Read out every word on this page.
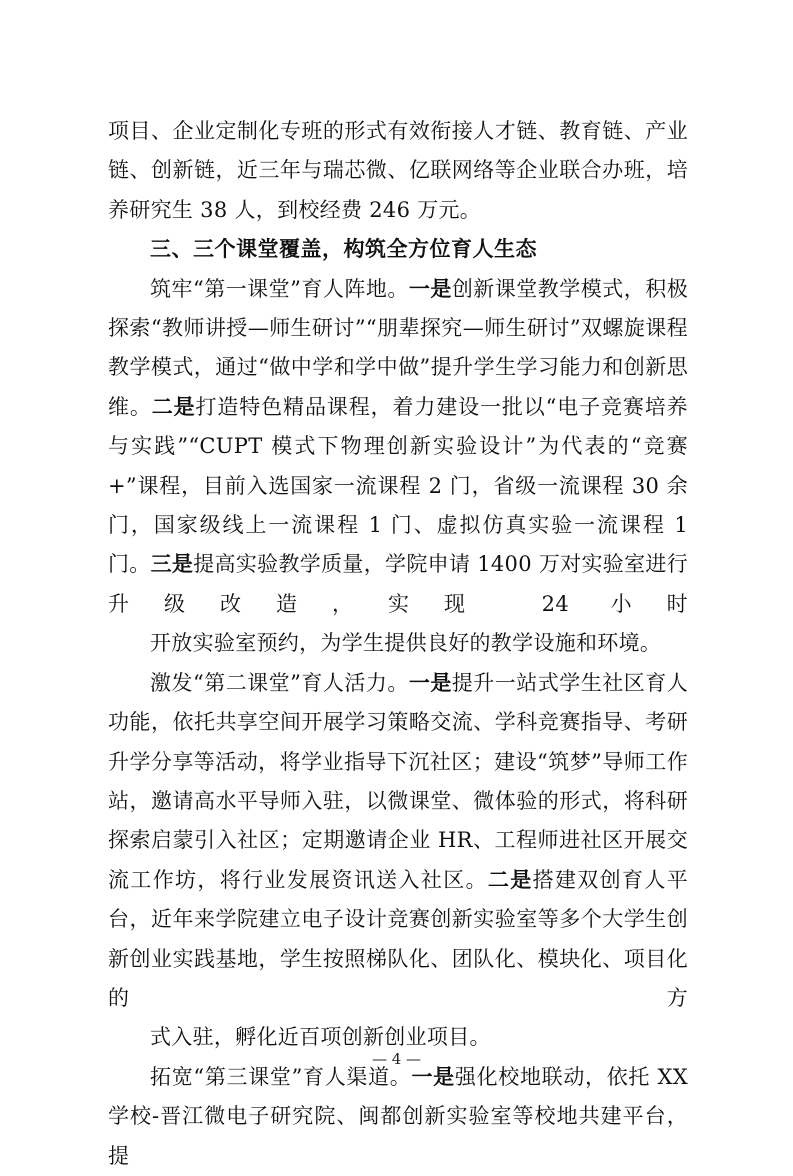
项目、企业定制化专班的形式有效衔接人才链、教育链、产业链、创新链，近三年与瑞芯微、亿联网络等企业联合办班，培
养研究生 38 人，到校经费 246 万元。

三、三个课堂覆盖，构筑全方位育人生态

筑牢“第一课堂”育人阵地。一是创新课堂教学模式，积极探索“教师讲授—师生研讨”“朋辈探究—师生研讨”双螺旋课程教学模式，通过“做中学和学中做”提升学生学习能力和创新思维。二是打造特色精品课程，着力建设一批以“电子竞赛培养与实践”“CUPT 模式下物理创新实验设计”为代表的“竞赛+”课程，目前入选国家一流课程 2 门，省级一流课程 30 余门，国家级线上一流课程 1 门、虚拟仿真实验一流课程 1 门。三是提高实验教学质量，学院申请 1400 万对实验室进行升级改造，实现 24 小时
开放实验室预约，为学生提供良好的教学设施和环境。

激发“第二课堂”育人活力。一是提升一站式学生社区育人功能，依托共享空间开展学习策略交流、学科竞赛指导、考研升学分享等活动，将学业指导下沉社区；建设“筑梦”导师工作站，邀请高水平导师入驻，以微课堂、微体验的形式，将科研探索启蒙引入社区；定期邀请企业 HR、工程师进社区开展交流工作坊，将行业发展资讯送入社区。二是搭建双创育人平台，近年来学院建立电子设计竞赛创新实验室等多个大学生创新创业实践基地，学生按照梯队化、团队化、模块化、项目化的方
式入驻，孵化近百项创新创业项目。

拓宽“第三课堂”育人渠道。一是强化校地联动，依托 XX 学校-晋江微电子研究院、闽都创新实验室等校地共建平台，提

— 4 —
